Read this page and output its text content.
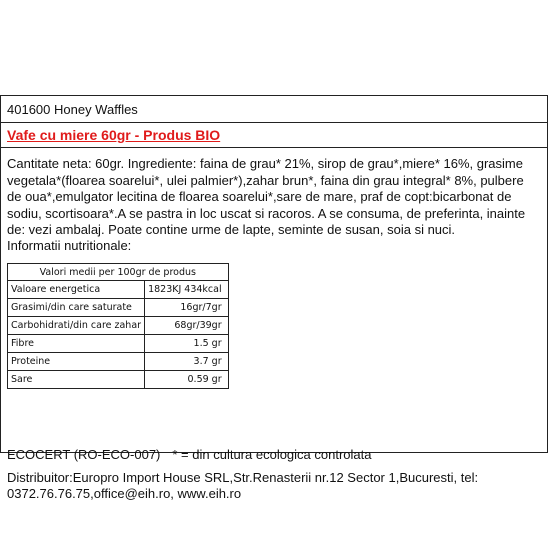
401600 Honey Waffles
Vafe cu miere 60gr - Produs BIO

Cantitate neta: 60gr. Ingrediente: faina de grau* 21%, sirop de grau*,miere* 16%, grasime vegetala*(floarea soarelui*, ulei palmier*),zahar brun*, faina din grau integral* 8%, pulbere de oua*,emulgator lecitina de floarea soarelui*,sare de mare, praf de copt:bicarbonat de sodiu, scortisoara*.A se pastra in loc uscat si racoros. A se consuma, de preferinta, inainte de: vezi ambalaj. Poate contine urme de lapte, seminte de susan, soia si nuci.

Informatii nutritionale:

Valori medii per 100gr de produs	
Valoare energetica	1823KJ 434kcal
Grasimi/din care saturate	16gr/7gr
Carbohidrati/din care zahar	68gr/39gr
Fibre	1.5 gr
Proteine	3.7 gr
Sare	0.59 gr

ECOCERT (RO-ECO-007) * = din cultura ecologica controlata

Distribuitor:Europro Import House SRL,Str.Renasterii nr.12 Sector 1,Bucuresti, tel: 0372.76.76.75,office@eih.ro, www.eih.ro
